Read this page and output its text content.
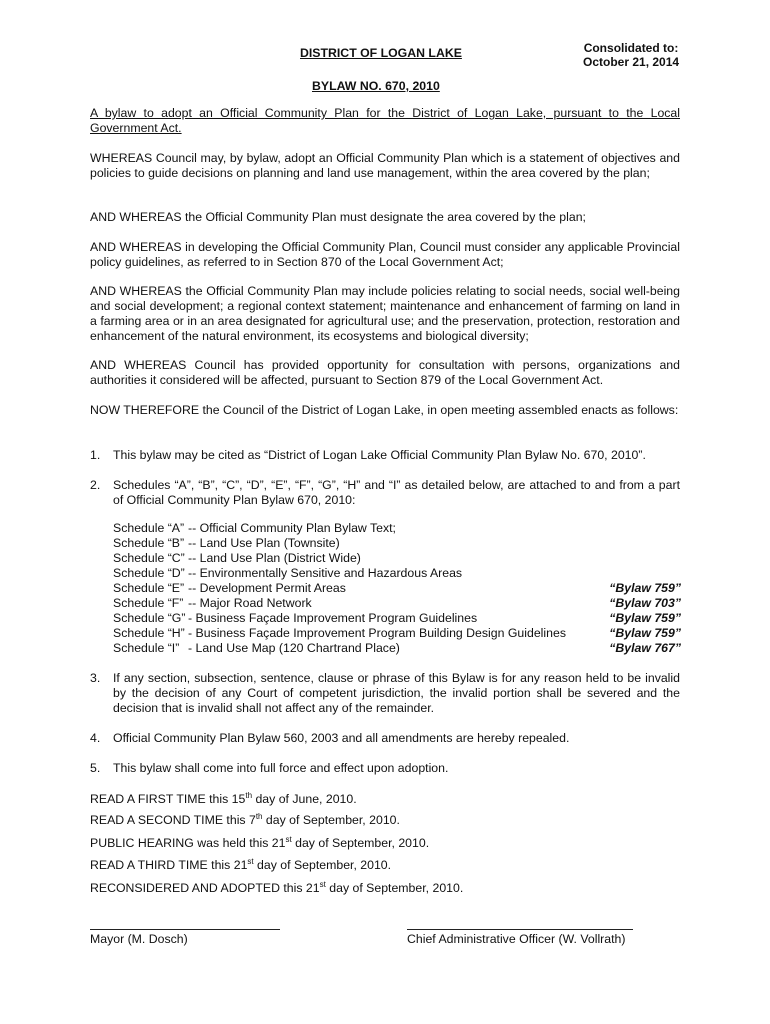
Consolidated to:
October 21, 2014
DISTRICT OF LOGAN LAKE
BYLAW NO. 670, 2010

A bylaw to adopt an Official Community Plan for the District of Logan Lake, pursuant to the Local Government Act.

WHEREAS Council may, by bylaw, adopt an Official Community Plan which is a statement of objectives and policies to guide decisions on planning and land use management, within the area covered by the plan;

AND WHEREAS the Official Community Plan must designate the area covered by the plan;

AND WHEREAS in developing the Official Community Plan, Council must consider any applicable Provincial policy guidelines, as referred to in Section 870 of the Local Government Act;

AND WHEREAS the Official Community Plan may include policies relating to social needs, social well-being and social development; a regional context statement; maintenance and enhancement of farming on land in a farming area or in an area designated for agricultural use; and the preservation, protection, restoration and enhancement of the natural environment, its ecosystems and biological diversity;

AND WHEREAS Council has provided opportunity for consultation with persons, organizations and authorities it considered will be affected, pursuant to Section 879 of the Local Government Act.

NOW THEREFORE the Council of the District of Logan Lake, in open meeting assembled enacts as follows:

1. This bylaw may be cited as “District of Logan Lake Official Community Plan Bylaw No. 670, 2010”.
2. Schedules “A”, “B”, “C”, “D”, “E”, “F”, “G”, “H” and “I” as detailed below, are attached to and from a part of Official Community Plan Bylaw 670, 2010:
Schedule “A” -- Official Community Plan Bylaw Text;
Schedule “B” -- Land Use Plan (Townsite)
Schedule “C” -- Land Use Plan (District Wide)
Schedule “D” -- Environmentally Sensitive and Hazardous Areas
Schedule “E” -- Development Permit Areas	“Bylaw 759”
Schedule “F” -- Major Road Network	“Bylaw 703”
Schedule “G” - Business Façade Improvement Program Guidelines	“Bylaw 759”
Schedule “H” - Business Façade Improvement Program Building Design Guidelines	“Bylaw 759”
Schedule “I” - Land Use Map (120 Chartrand Place)	“Bylaw 767”
3. If any section, subsection, sentence, clause or phrase of this Bylaw is for any reason held to be invalid by the decision of any Court of competent jurisdiction, the invalid portion shall be severed and the decision that is invalid shall not affect any of the remainder.
4. Official Community Plan Bylaw 560, 2003 and all amendments are hereby repealed.
5. This bylaw shall come into full force and effect upon adoption.
READ A FIRST TIME this 15th day of June, 2010.
READ A SECOND TIME this 7th day of September, 2010.
PUBLIC HEARING was held this 21st day of September, 2010.
READ A THIRD TIME this 21st day of September, 2010.
RECONSIDERED AND ADOPTED this 21st day of September, 2010.
Mayor (M. Dosch)	Chief Administrative Officer (W. Vollrath)
